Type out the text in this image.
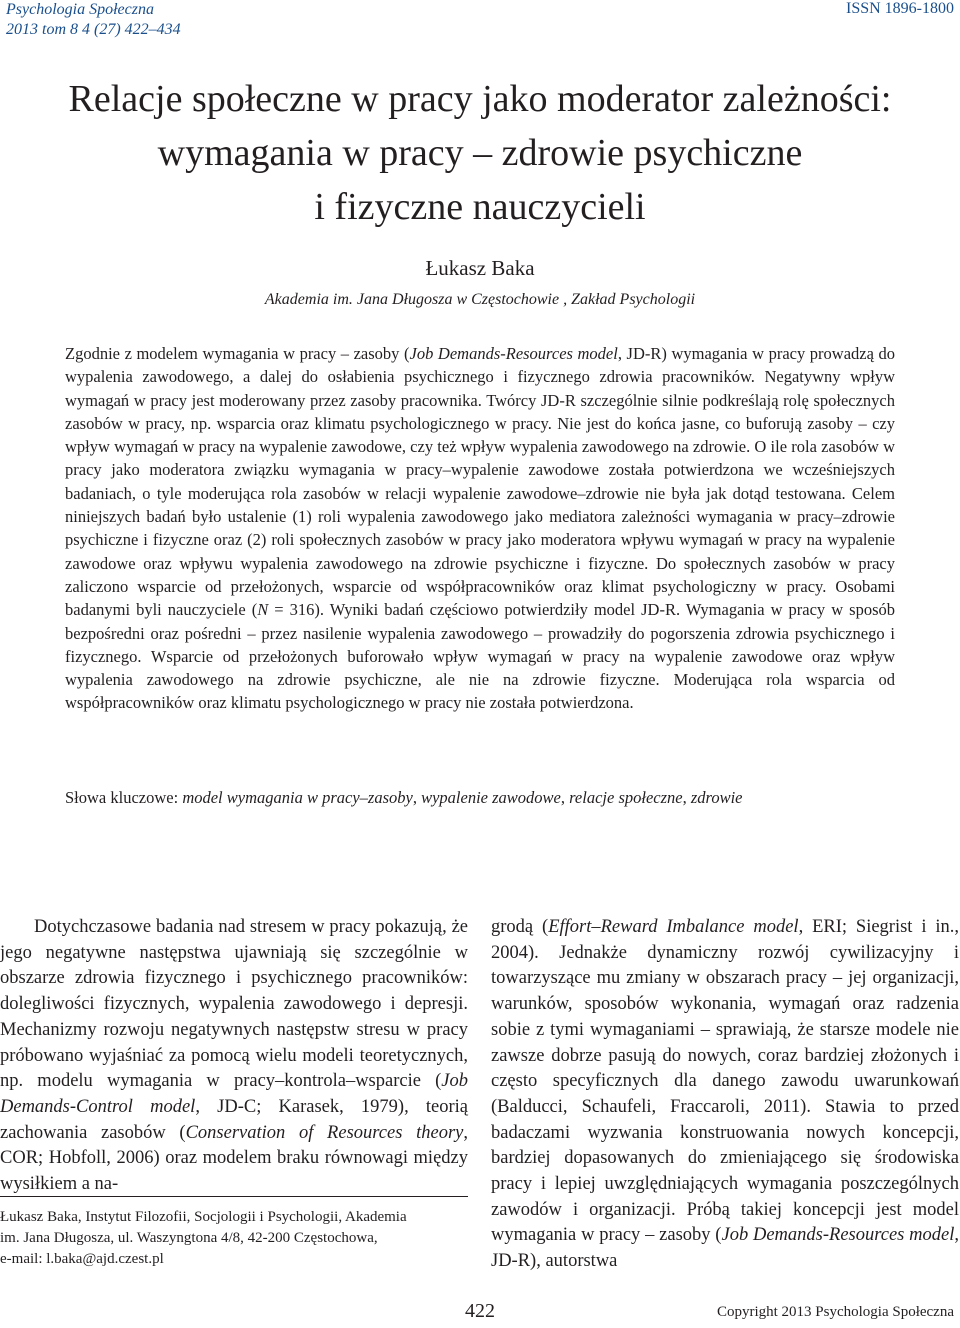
Psychologia Społeczna
2013 tom 8 4 (27) 422–434
ISSN 1896-1800
Relacje społeczne w pracy jako moderator zależności:
wymagania w pracy – zdrowie psychiczne
i fizyczne nauczycieli
Łukasz Baka
Akademia im. Jana Długosza w Częstochowie , Zakład Psychologii

Zgodnie z modelem wymagania w pracy – zasoby (Job Demands-Resources model, JD-R) wymagania w pracy prowadzą do wypalenia zawodowego, a dalej do osłabienia psychicznego i fizycznego zdrowia pracowników. Negatywny wpływ wymagań w pracy jest moderowany przez zasoby pracownika. Twórcy JD-R szczególnie silnie podkreślają rolę społecznych zasobów w pracy, np. wsparcia oraz klimatu psychologicznego w pracy. Nie jest do końca jasne, co buforują zasoby – czy wpływ wymagań w pracy na wypalenie zawodowe, czy też wpływ wypalenia zawodowego na zdrowie. O ile rola zasobów w pracy jako moderatora związku wymagania w pracy–wypalenie zawodowe została potwierdzona we wcześniejszych badaniach, o tyle moderująca rola zasobów w relacji wypalenie zawodowe–zdrowie nie była jak dotąd testowana. Celem niniejszych badań było ustalenie (1) roli wypalenia zawodowego jako mediatora zależności wymagania w pracy–zdrowie psychiczne i fizyczne oraz (2) roli społecznych zasobów w pracy jako moderatora wpływu wymagań w pracy na wypalenie zawodowe oraz wpływu wypalenia zawodowego na zdrowie psychiczne i fizyczne. Do społecznych zasobów w pracy zaliczono wsparcie od przełożonych, wsparcie od współpracowników oraz klimat psychologiczny w pracy. Osobami badanymi byli nauczyciele (N = 316). Wyniki badań częściowo potwierdziły model JD-R. Wymagania w pracy w sposób bezpośredni oraz pośredni – przez nasilenie wypalenia zawodowego – prowadziły do pogorszenia zdrowia psychicznego i fizycznego. Wsparcie od przełożonych buforowało wpływ wymagań w pracy na wypalenie zawodowe oraz wpływ wypalenia zawodowego na zdrowie psychiczne, ale nie na zdrowie fizyczne. Moderująca rola wsparcia od współpracowników oraz klimatu psychologicznego w pracy nie została potwierdzona.

Słowa kluczowe: model wymagania w pracy–zasoby, wypalenie zawodowe, relacje społeczne, zdrowie

Dotychczasowe badania nad stresem w pracy pokazują, że jego negatywne następstwa ujawniają się szczególnie w obszarze zdrowia fizycznego i psychicznego pracowników: dolegliwości fizycznych, wypalenia zawodowego i depresji. Mechanizmy rozwoju negatywnych następstw stresu w pracy próbowano wyjaśniać za pomocą wielu modeli teoretycznych, np. modelu wymagania w pracy–kontrola–wsparcie (Job Demands-Control model, JD-C; Karasek, 1979), teorią zachowania zasobów (Conservation of Resources theory, COR; Hobfoll, 2006) oraz modelem braku równowagi między wysiłkiem a na-

grodą (Effort–Reward Imbalance model, ERI; Siegrist i in., 2004). Jednakże dynamiczny rozwój cywilizacyjny i towarzyszące mu zmiany w obszarach pracy – jej organizacji, warunków, sposobów wykonania, wymagań oraz radzenia sobie z tymi wymaganiami – sprawiają, że starsze modele nie zawsze dobrze pasują do nowych, coraz bardziej złożonych i często specyficznych dla danego zawodu uwarunkowań (Balducci, Schaufeli, Fraccaroli, 2011). Stawia to przed badaczami wyzwania konstruowania nowych koncepcji, bardziej dopasowanych do zmieniającego się środowiska pracy i lepiej uwzględniających wymagania poszczególnych zawodów i organizacji. Próbą takiej koncepcji jest model wymagania w pracy – zasoby (Job Demands-Resources model, JD-R), autorstwa

Łukasz Baka, Instytut Filozofii, Socjologii i Psychologii, Akademia
im. Jana Długosza, ul. Waszyngtona 4/8, 42-200 Częstochowa,
e-mail: l.baka@ajd.czest.pl
422	Copyright 2013 Psychologia Społeczna
